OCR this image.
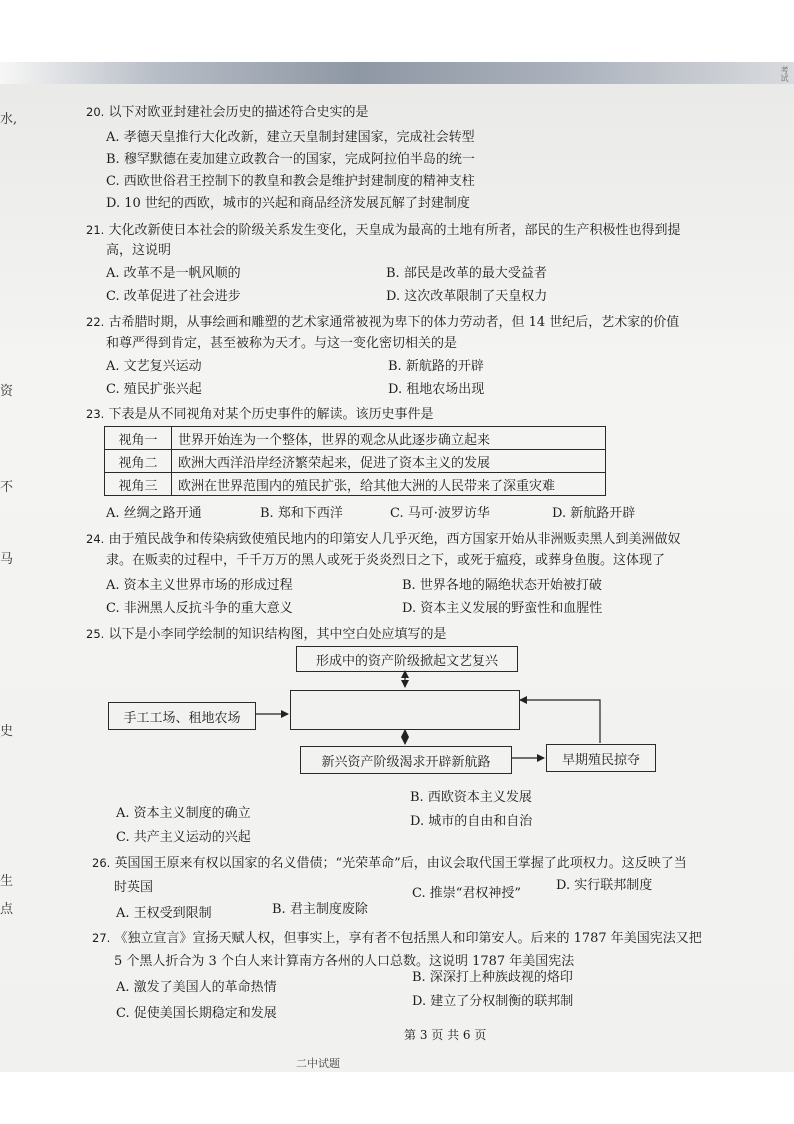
考试
水,
资
不
马
史
生
点
20. 以下对欧亚封建社会历史的描述符合史实的是
A. 孝德天皇推行大化改新，建立天皇制封建国家，完成社会转型
B. 穆罕默德在麦加建立政教合一的国家，完成阿拉伯半岛的统一
C. 西欧世俗君王控制下的教皇和教会是维护封建制度的精神支柱
D. 10 世纪的西欧，城市的兴起和商品经济发展瓦解了封建制度
21. 大化改新使日本社会的阶级关系发生变化，天皇成为最高的土地有所者，部民的生产积极性也得到提
高，这说明
A. 改革不是一帆风顺的	B. 部民是改革的最大受益者
C. 改革促进了社会进步	D. 这次改革限制了天皇权力
22. 古希腊时期，从事绘画和雕塑的艺术家通常被视为卑下的体力劳动者，但 14 世纪后，艺术家的价值
和尊严得到肯定，甚至被称为天才。与这一变化密切相关的是
A. 文艺复兴运动	B. 新航路的开辟
C. 殖民扩张兴起	D. 租地农场出现
23. 下表是从不同视角对某个历史事件的解读。该历史事件是
视角一	世界开始连为一个整体，世界的观念从此逐步确立起来
视角二	欧洲大西洋沿岸经济繁荣起来，促进了资本主义的发展
视角三	欧洲在世界范围内的殖民扩张，给其他大洲的人民带来了深重灾难
A. 丝绸之路开通	B. 郑和下西洋	C. 马可·波罗访华	D. 新航路开辟
24. 由于殖民战争和传染病致使殖民地内的印第安人几乎灭绝，西方国家开始从非洲贩卖黑人到美洲做奴
隶。在贩卖的过程中，千千万万的黑人或死于炎炎烈日之下，或死于瘟疫，或葬身鱼腹。这体现了
A. 资本主义世界市场的形成过程	B. 世界各地的隔绝状态开始被打破
C. 非洲黑人反抗斗争的重大意义	D. 资本主义发展的野蛮性和血腥性
25. 以下是小李同学绘制的知识结构图，其中空白处应填写的是
形成中的资产阶级掀起文艺复兴
手工工场、租地农场
新兴资产阶级渴求开辟新航路	早期殖民掠夺
A. 资本主义制度的确立
B. 西欧资本主义发展
C. 共产主义运动的兴起
D. 城市的自由和自治
26. 英国国王原来有权以国家的名义借债；“光荣革命”后，由议会取代国王掌握了此项权力。这反映了当
时英国
A. 王权受到限制	B. 君主制度废除
C. 推崇“君权神授”
D. 实行联邦制度
27. 《独立宣言》宣扬天赋人权，但事实上，享有者不包括黑人和印第安人。后来的 1787 年美国宪法又把
5 个黑人折合为 3 个白人来计算南方各州的人口总数。这说明 1787 年美国宪法
A. 激发了美国人的革命热情
B. 深深打上种族歧视的烙印
C. 促使美国长期稳定和发展
D. 建立了分权制衡的联邦制
第 3 页 共 6 页
二中试题
